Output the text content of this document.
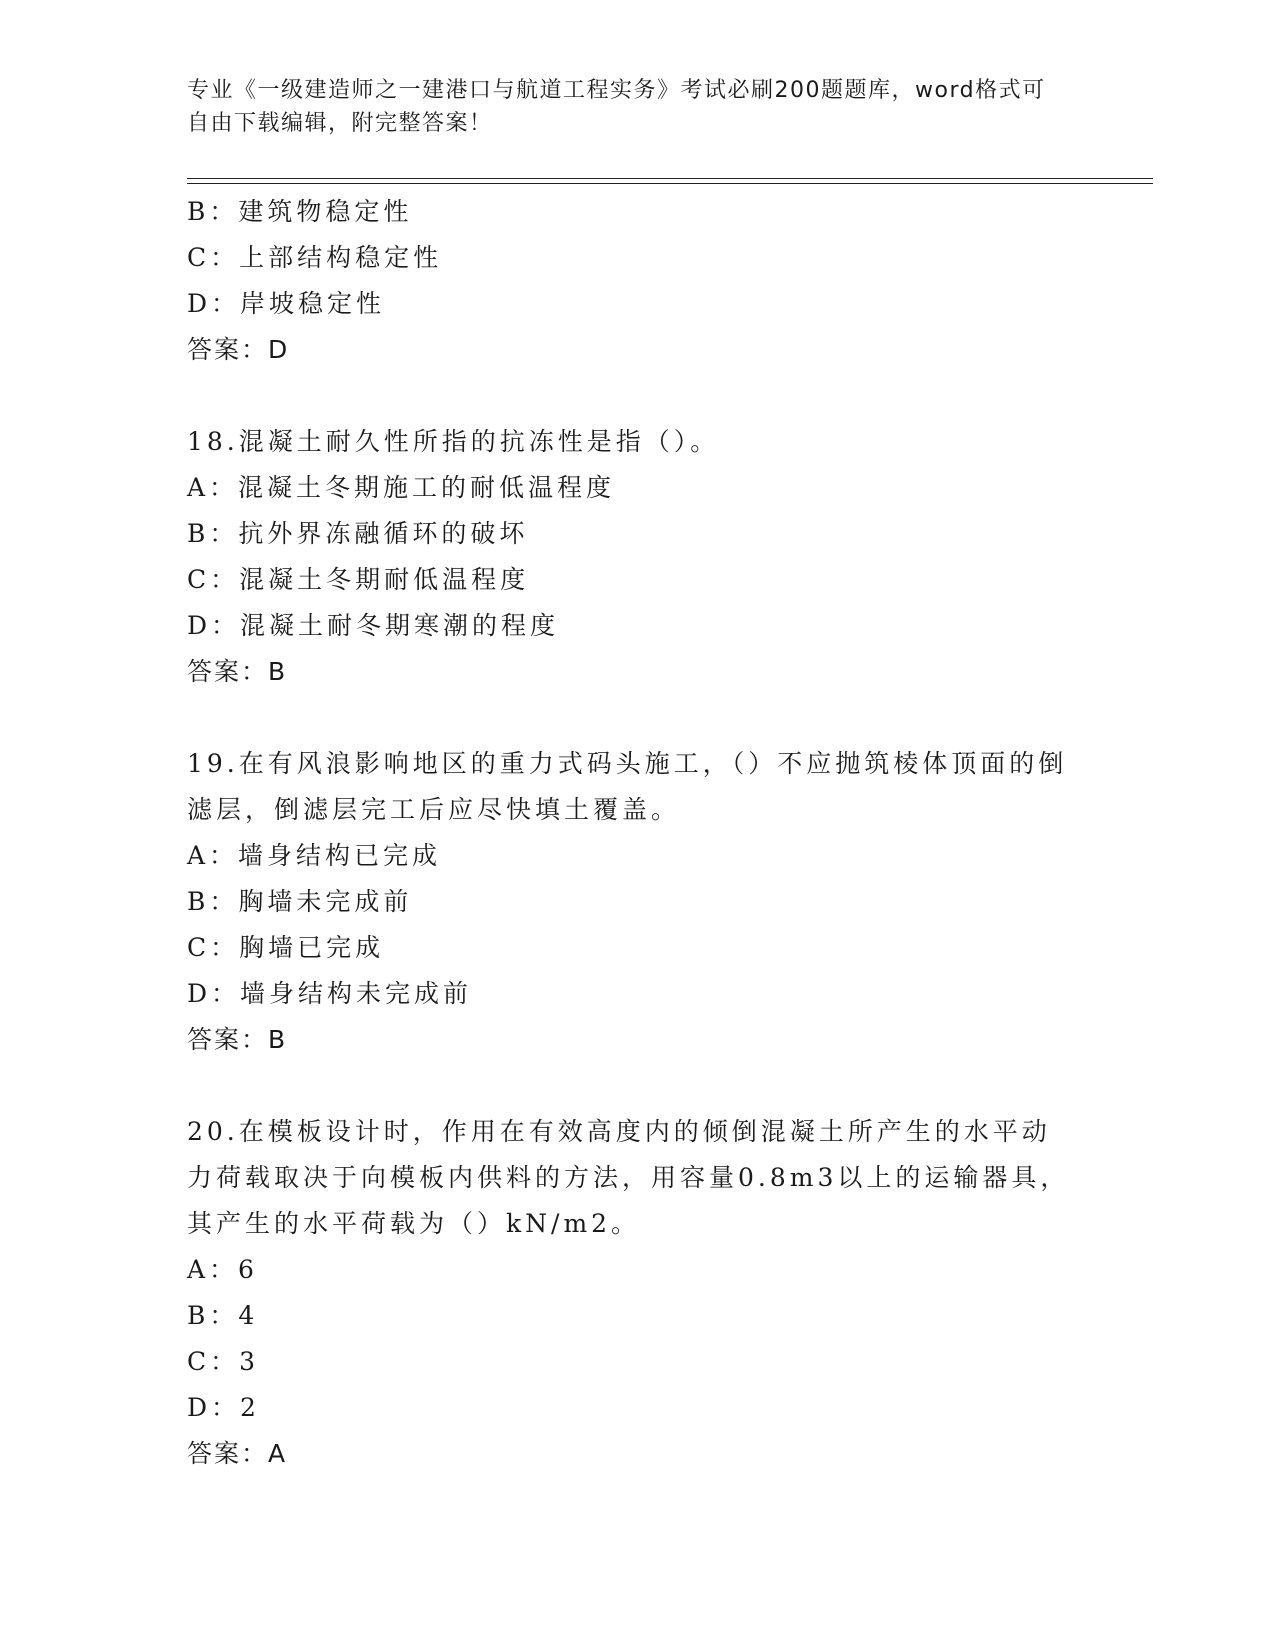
专业《一级建造师之一建港口与航道工程实务》考试必刷200题题库，word格式可自由下载编辑，附完整答案！
B：建筑物稳定性
C：上部结构稳定性
D：岸坡稳定性
答案：D
18.混凝土耐久性所指的抗冻性是指（）。
A：混凝土冬期施工的耐低温程度
B：抗外界冻融循环的破坏
C：混凝土冬期耐低温程度
D：混凝土耐冬期寒潮的程度
答案：B
19.在有风浪影响地区的重力式码头施工，（）不应抛筑棱体顶面的倒滤层，倒滤层完工后应尽快填土覆盖。
A：墙身结构已完成
B：胸墙未完成前
C：胸墙已完成
D：墙身结构未完成前
答案：B
20.在模板设计时，作用在有效高度内的倾倒混凝土所产生的水平动力荷载取决于向模板内供料的方法，用容量0.8m3以上的运输器具，其产生的水平荷载为（）kN/m2。
A：6
B：4
C：3
D：2
答案：A
